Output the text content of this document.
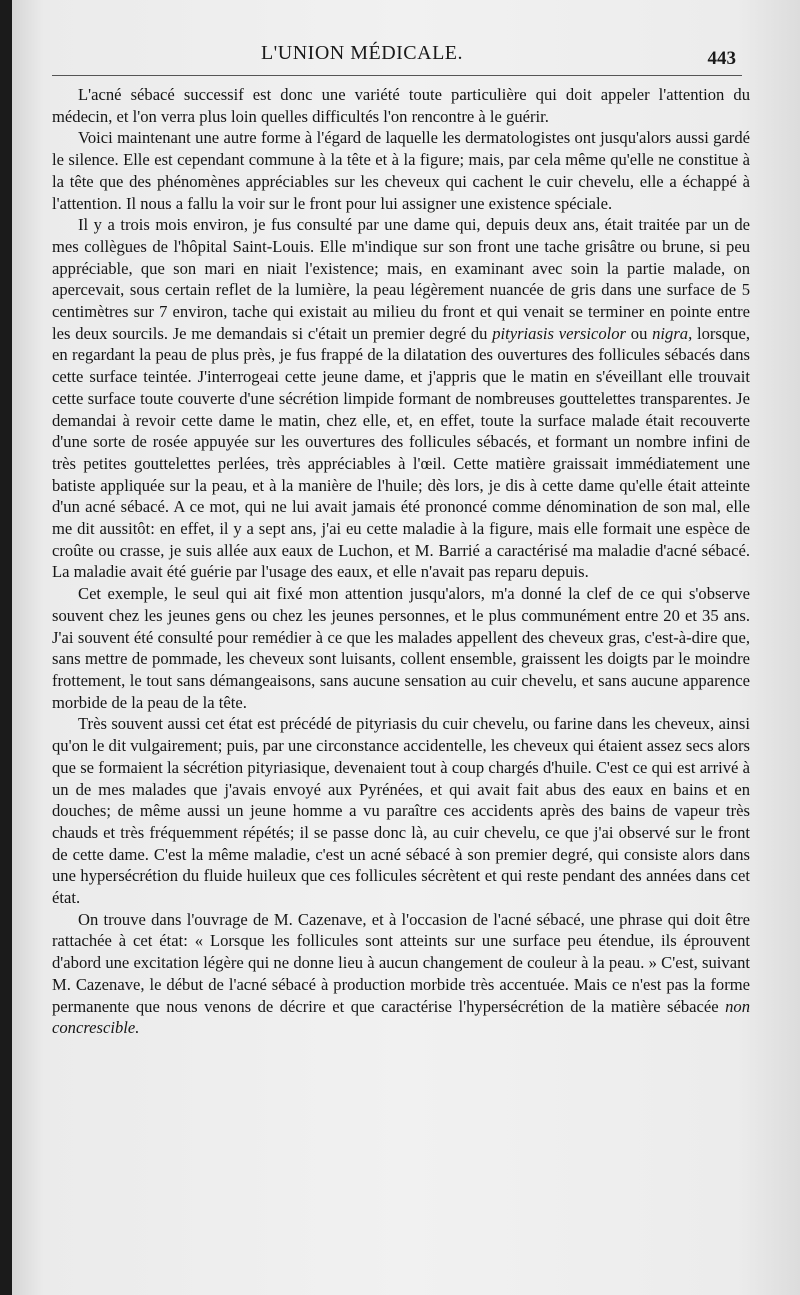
L'UNION MÉDICALE.	443

L'acné sébacé successif est donc une variété toute particulière qui doit appeler l'attention du médecin, et l'on verra plus loin quelles difficultés l'on rencontre à le guérir.

Voici maintenant une autre forme à l'égard de laquelle les dermatologistes ont jusqu'alors aussi gardé le silence. Elle est cependant commune à la tête et à la figure; mais, par cela même qu'elle ne constitue à la tête que des phénomènes appréciables sur les cheveux qui cachent le cuir chevelu, elle a échappé à l'attention. Il nous a fallu la voir sur le front pour lui assigner une existence spéciale.

Il y a trois mois environ, je fus consulté par une dame qui, depuis deux ans, était traitée par un de mes collègues de l'hôpital Saint-Louis. Elle m'indique sur son front une tache grisâtre ou brune, si peu appréciable, que son mari en niait l'existence; mais, en examinant avec soin la partie malade, on apercevait, sous certain reflet de la lumière, la peau légèrement nuancée de gris dans une surface de 5 centimètres sur 7 environ, tache qui existait au milieu du front et qui venait se terminer en pointe entre les deux sourcils. Je me demandais si c'était un premier degré du pityriasis versicolor ou nigra, lorsque, en regardant la peau de plus près, je fus frappé de la dilatation des ouvertures des follicules sébacés dans cette surface teintée. J'interrogeai cette jeune dame, et j'appris que le matin en s'éveillant elle trouvait cette surface toute couverte d'une sécrétion limpide formant de nombreuses gouttelettes transparentes. Je demandai à revoir cette dame le matin, chez elle, et, en effet, toute la surface malade était recouverte d'une sorte de rosée appuyée sur les ouvertures des follicules sébacés, et formant un nombre infini de très petites gouttelettes perlées, très appréciables à l'œil. Cette matière graissait immédiatement une batiste appliquée sur la peau, et à la manière de l'huile; dès lors, je dis à cette dame qu'elle était atteinte d'un acné sébacé. A ce mot, qui ne lui avait jamais été prononcé comme dénomination de son mal, elle me dit aussitôt: en effet, il y a sept ans, j'ai eu cette maladie à la figure, mais elle formait une espèce de croûte ou crasse, je suis allée aux eaux de Luchon, et M. Barrié a caractérisé ma maladie d'acné sébacé. La maladie avait été guérie par l'usage des eaux, et elle n'avait pas reparu depuis.

Cet exemple, le seul qui ait fixé mon attention jusqu'alors, m'a donné la clef de ce qui s'observe souvent chez les jeunes gens ou chez les jeunes personnes, et le plus communément entre 20 et 35 ans. J'ai souvent été consulté pour remédier à ce que les malades appellent des cheveux gras, c'est-à-dire que, sans mettre de pommade, les cheveux sont luisants, collent ensemble, graissent les doigts par le moindre frottement, le tout sans démangeaisons, sans aucune sensation au cuir chevelu, et sans aucune apparence morbide de la peau de la tête.

Très souvent aussi cet état est précédé de pityriasis du cuir chevelu, ou farine dans les cheveux, ainsi qu'on le dit vulgairement; puis, par une circonstance accidentelle, les cheveux qui étaient assez secs alors que se formaient la sécrétion pityriasique, devenaient tout à coup chargés d'huile. C'est ce qui est arrivé à un de mes malades que j'avais envoyé aux Pyrénées, et qui avait fait abus des eaux en bains et en douches; de même aussi un jeune homme a vu paraître ces accidents après des bains de vapeur très chauds et très fréquemment répétés; il se passe donc là, au cuir chevelu, ce que j'ai observé sur le front de cette dame. C'est la même maladie, c'est un acné sébacé à son premier degré, qui consiste alors dans une hypersécrétion du fluide huileux que ces follicules sécrètent et qui reste pendant des années dans cet état.

On trouve dans l'ouvrage de M. Cazenave, et à l'occasion de l'acné sébacé, une phrase qui doit être rattachée à cet état: « Lorsque les follicules sont atteints sur une surface peu étendue, ils éprouvent d'abord une excitation légère qui ne donne lieu à aucun changement de couleur à la peau. » C'est, suivant M. Cazenave, le début de l'acné sébacé à production morbide très accentuée. Mais ce n'est pas la forme permanente que nous venons de décrire et que caractérise l'hypersécrétion de la matière sébacée non concrescible.
